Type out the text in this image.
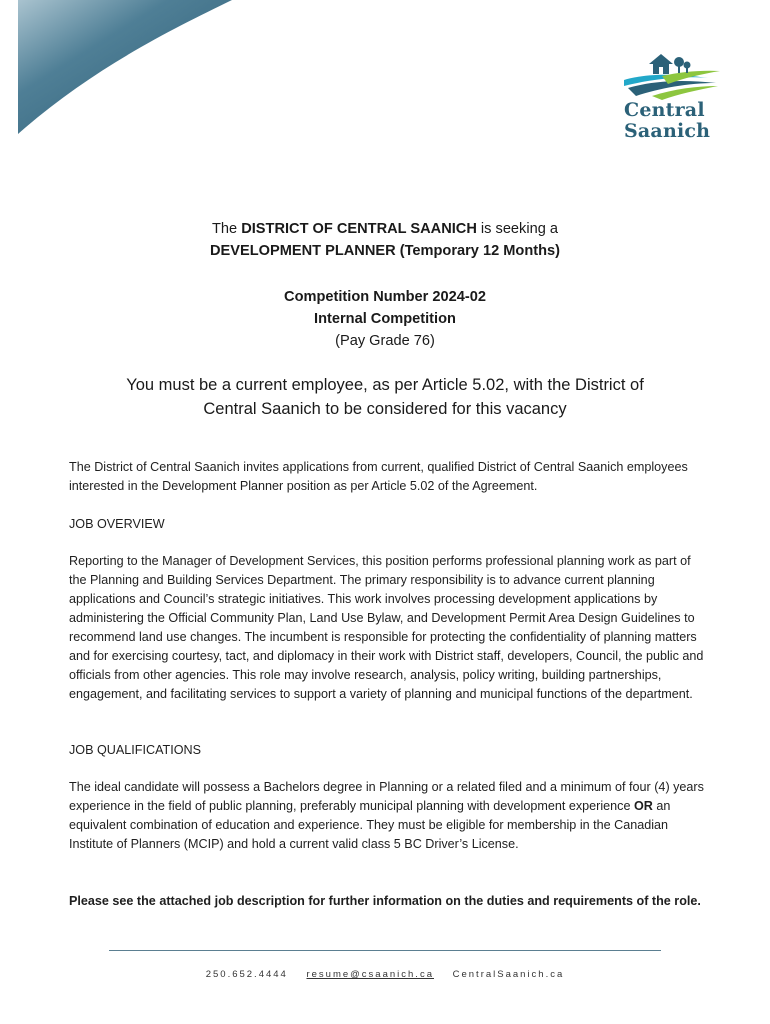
Central
Saanich
The DISTRICT OF CENTRAL SAANICH is seeking a
DEVELOPMENT PLANNER (Temporary 12 Months)
Competition Number 2024-02
Internal Competition
(Pay Grade 76)
You must be a current employee, as per Article 5.02, with the District of
Central Saanich to be considered for this vacancy
The District of Central Saanich invites applications from current, qualified District of Central Saanich employees interested in the Development Planner position as per Article 5.02 of the Agreement.
JOB OVERVIEW
Reporting to the Manager of Development Services, this position performs professional planning work as part of the Planning and Building Services Department. The primary responsibility is to advance current planning applications and Council’s strategic initiatives. This work involves processing development applications by administering the Official Community Plan, Land Use Bylaw, and Development Permit Area Design Guidelines to recommend land use changes. The incumbent is responsible for protecting the confidentiality of planning matters and for exercising courtesy, tact, and diplomacy in their work with District staff, developers, Council, the public and officials from other agencies. This role may involve research, analysis, policy writing, building partnerships, engagement, and facilitating services to support a variety of planning and municipal functions of the department.
JOB QUALIFICATIONS
The ideal candidate will possess a Bachelors degree in Planning or a related filed and a minimum of four (4) years experience in the field of public planning, preferably municipal planning with development experience OR an equivalent combination of education and experience. They must be eligible for membership in the Canadian Institute of Planners (MCIP) and hold a current valid class 5 BC Driver’s License.
Please see the attached job description for further information on the duties and requirements of the role.
250.652.4444 resume@csaanich.ca CentralSaanich.ca
